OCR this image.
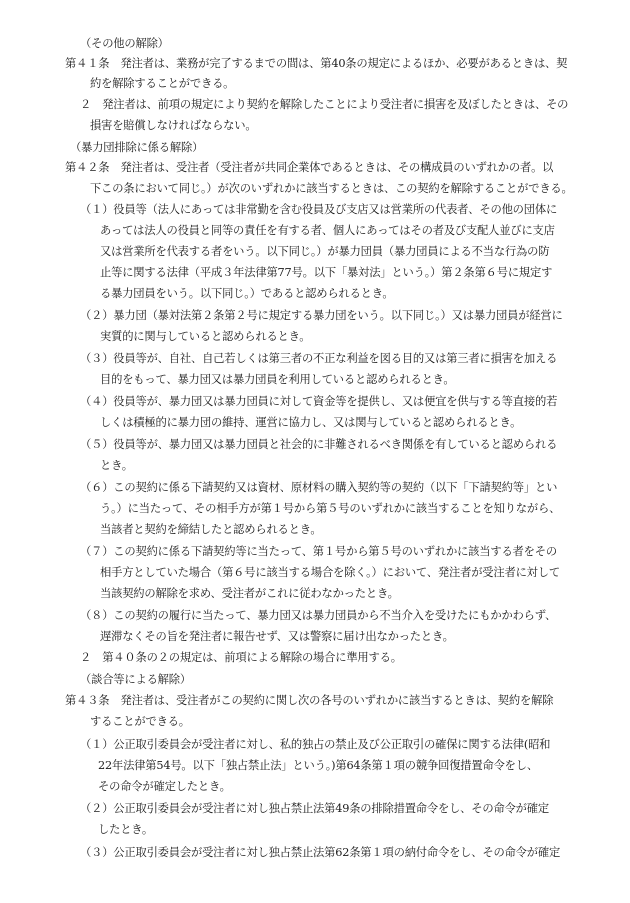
（その他の解除）
第４１条　発注者は、業務が完了するまでの間は、第40条の規定によるほか、必要があるときは、契
約を解除することができる。
２　発注者は、前項の規定により契約を解除したことにより受注者に損害を及ぼしたときは、その
損害を賠償しなければならない。
（暴力団排除に係る解除）
第４２条　発注者は、受注者（受注者が共同企業体であるときは、その構成員のいずれかの者。以
下この条において同じ。）が次のいずれかに該当するときは、この契約を解除することができる。
（１）役員等（法人にあっては非常勤を含む役員及び支店又は営業所の代表者、その他の団体に
あっては法人の役員と同等の責任を有する者、個人にあってはその者及び支配人並びに支店
又は営業所を代表する者をいう。以下同じ。）が暴力団員（暴力団員による不当な行為の防
止等に関する法律（平成３年法律第77号。以下「暴対法」という。）第２条第６号に規定す
る暴力団員をいう。以下同じ。）であると認められるとき。
（２）暴力団（暴対法第２条第２号に規定する暴力団をいう。以下同じ。）又は暴力団員が経営に
実質的に関与していると認められるとき。
（３）役員等が、自社、自己若しくは第三者の不正な利益を図る目的又は第三者に損害を加える
目的をもって、暴力団又は暴力団員を利用していると認められるとき。
（４）役員等が、暴力団又は暴力団員に対して資金等を提供し、又は便宜を供与する等直接的若
しくは積極的に暴力団の維持、運営に協力し、又は関与していると認められるとき。
（５）役員等が、暴力団又は暴力団員と社会的に非難されるべき関係を有していると認められる
とき。
（６）この契約に係る下請契約又は資材、原材料の購入契約等の契約（以下「下請契約等」とい
う。）に当たって、その相手方が第１号から第５号のいずれかに該当することを知りながら、
当該者と契約を締結したと認められるとき。
（７）この契約に係る下請契約等に当たって、第１号から第５号のいずれかに該当する者をその
相手方としていた場合（第６号に該当する場合を除く。）において、発注者が受注者に対して
当該契約の解除を求め、受注者がこれに従わなかったとき。
（８）この契約の履行に当たって、暴力団又は暴力団員から不当介入を受けたにもかかわらず、
遅滞なくその旨を発注者に報告せず、又は警察に届け出なかったとき。
２　第４０条の２の規定は、前項による解除の場合に準用する。
（談合等による解除）
第４３条　発注者は、受注者がこの契約に関し次の各号のいずれかに該当するときは、契約を解除
することができる。
（１）公正取引委員会が受注者に対し、私的独占の禁止及び公正取引の確保に関する法律(昭和
22年法律第54号。以下「独占禁止法」という。)第64条第１項の競争回復措置命令をし、
その命令が確定したとき。
（２）公正取引委員会が受注者に対し独占禁止法第49条の排除措置命令をし、その命令が確定
したとき。
（３）公正取引委員会が受注者に対し独占禁止法第62条第１項の納付命令をし、その命令が確定
